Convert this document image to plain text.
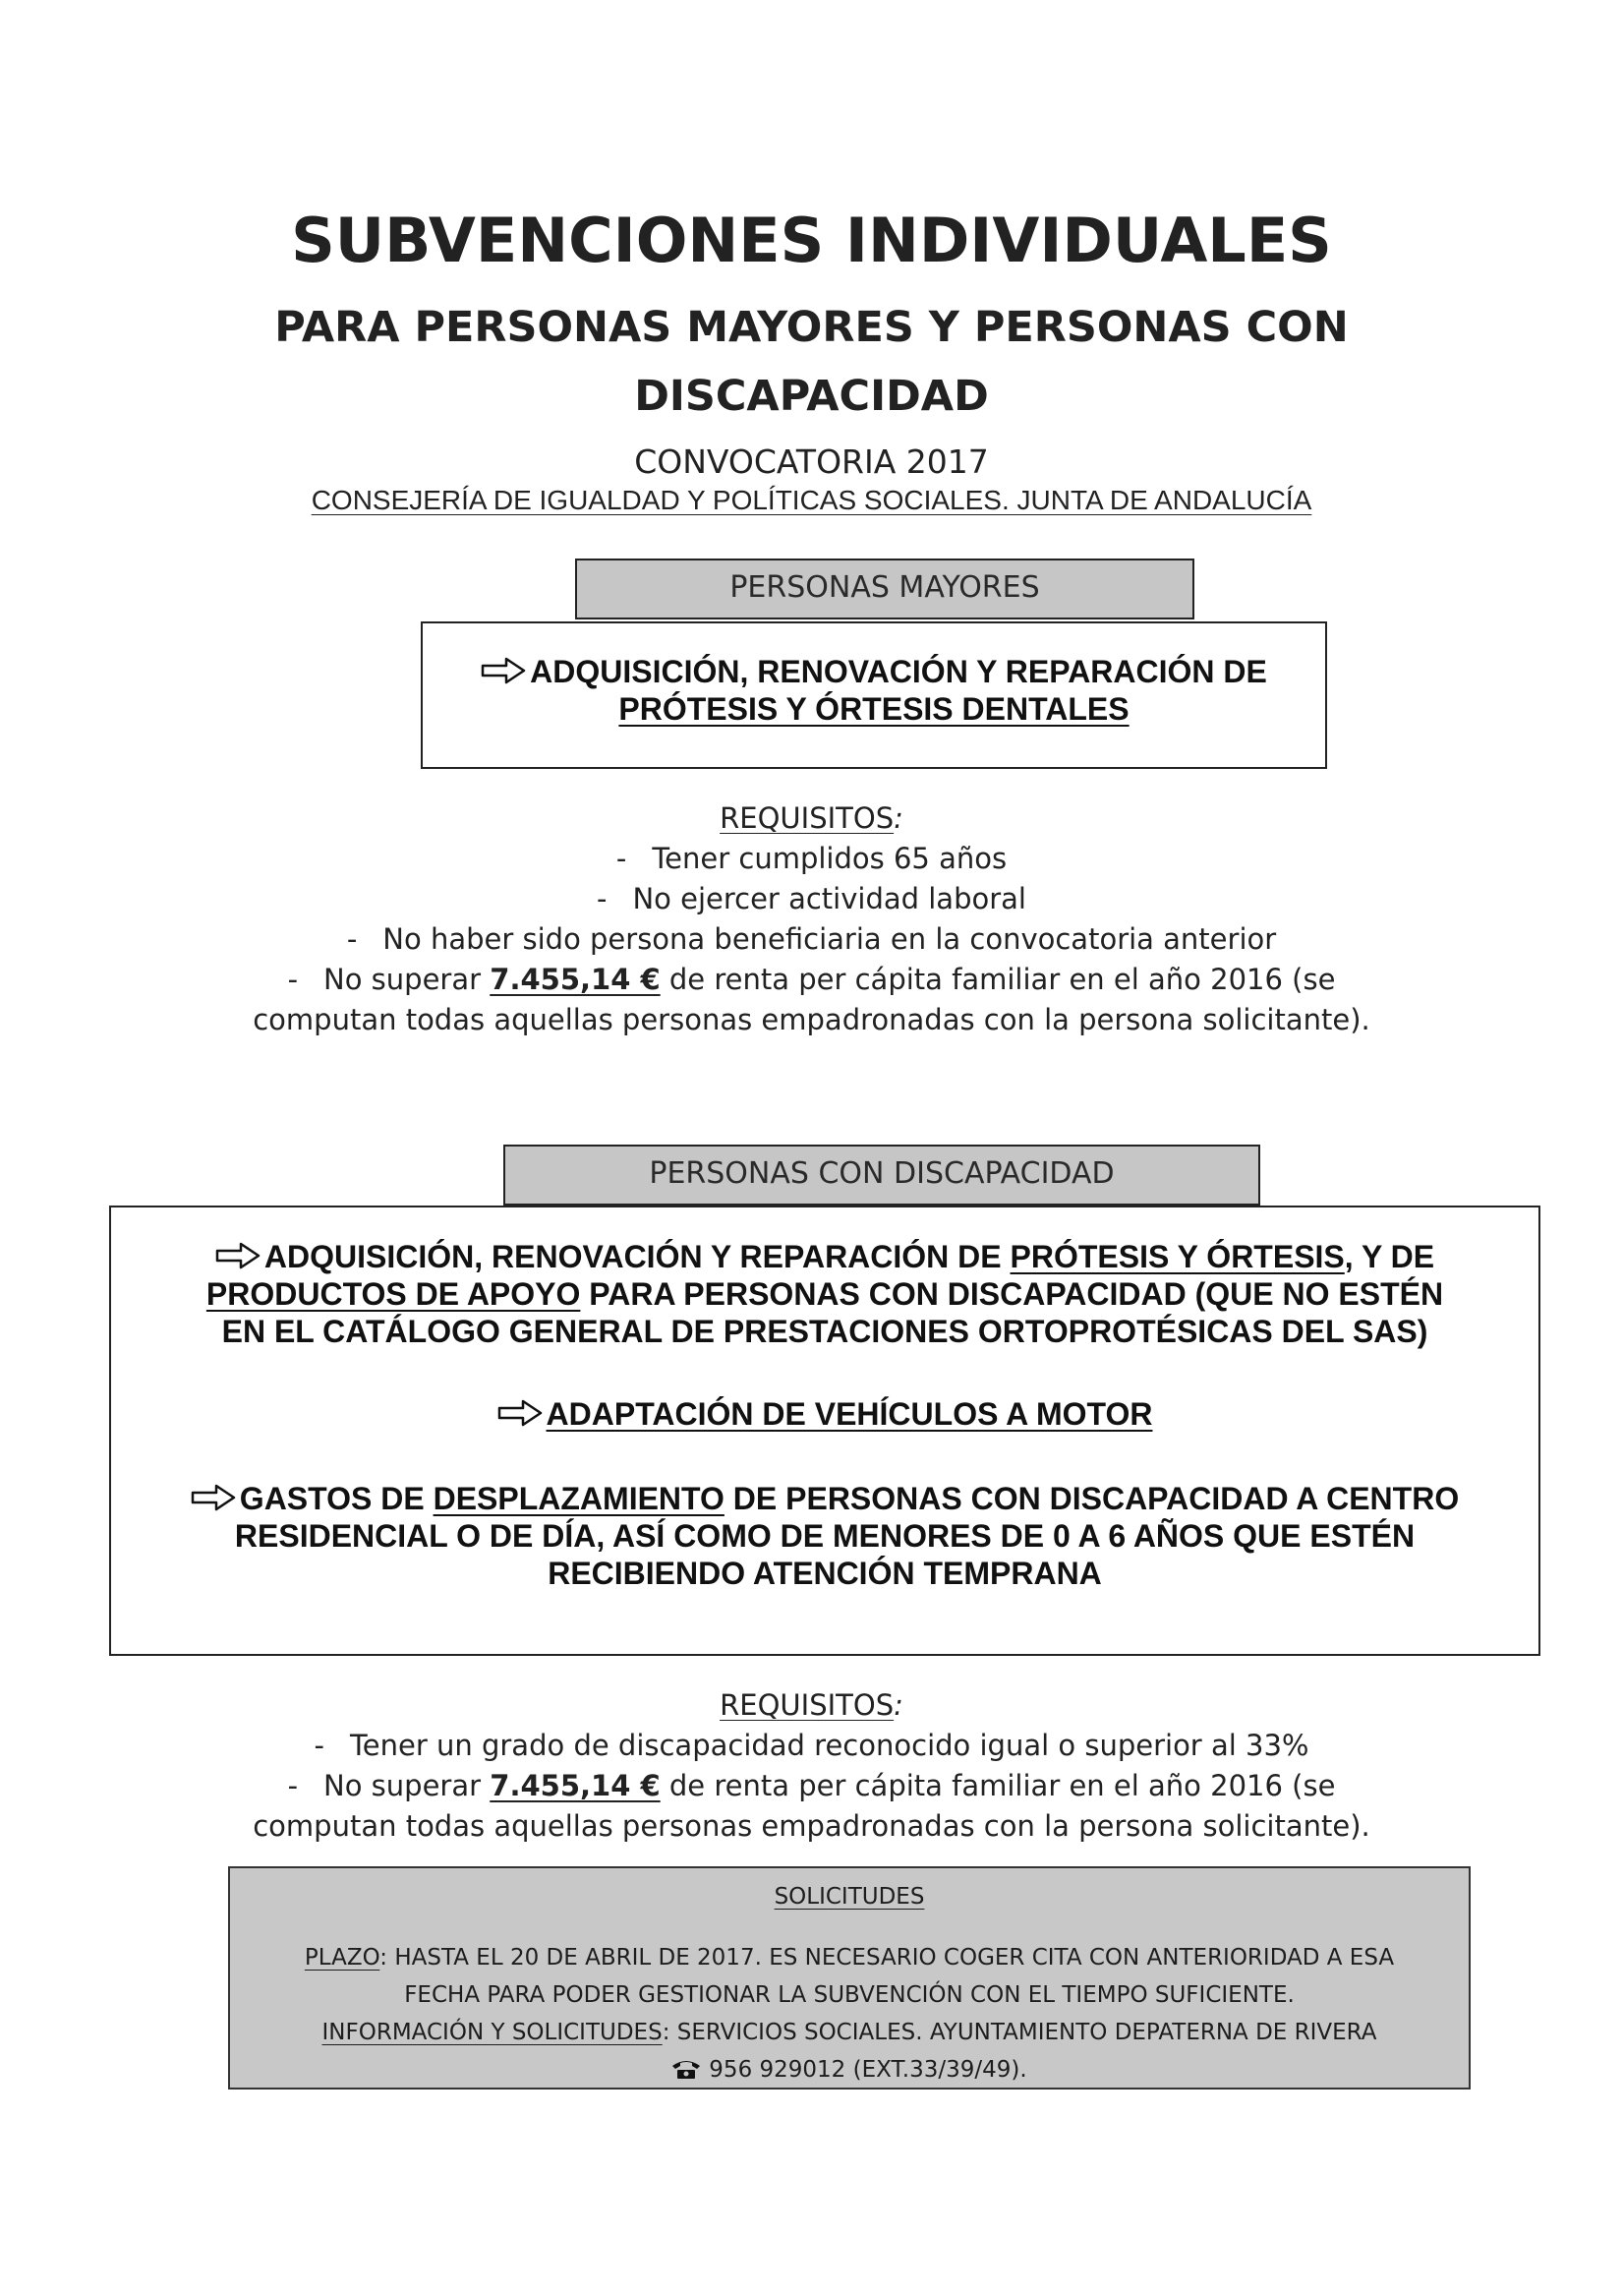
SUBVENCIONES INDIVIDUALES
PARA PERSONAS MAYORES Y PERSONAS CON
DISCAPACIDAD
CONVOCATORIA 2017
CONSEJERÍA DE IGUALDAD Y POLÍTICAS SOCIALES. JUNTA DE ANDALUCÍA
PERSONAS MAYORES
ADQUISICIÓN, RENOVACIÓN Y REPARACIÓN DE
PRÓTESIS Y ÓRTESIS DENTALES
REQUISITOS:
- Tener cumplidos 65 años
- No ejercer actividad laboral
- No haber sido persona beneficiaria en la convocatoria anterior
- No superar 7.455,14 € de renta per cápita familiar en el año 2016 (se
computan todas aquellas personas empadronadas con la persona solicitante).
PERSONAS CON DISCAPACIDAD
ADQUISICIÓN, RENOVACIÓN Y REPARACIÓN DE PRÓTESIS Y ÓRTESIS, Y DE
PRODUCTOS DE APOYO PARA PERSONAS CON DISCAPACIDAD (QUE NO ESTÉN
EN EL CATÁLOGO GENERAL DE PRESTACIONES ORTOPROTÉSICAS DEL SAS)
ADAPTACIÓN DE VEHÍCULOS A MOTOR
GASTOS DE DESPLAZAMIENTO DE PERSONAS CON DISCAPACIDAD A CENTRO
RESIDENCIAL O DE DÍA, ASÍ COMO DE MENORES DE 0 A 6 AÑOS QUE ESTÉN
RECIBIENDO ATENCIÓN TEMPRANA
REQUISITOS:
- Tener un grado de discapacidad reconocido igual o superior al 33%
- No superar 7.455,14 € de renta per cápita familiar en el año 2016 (se
computan todas aquellas personas empadronadas con la persona solicitante).
SOLICITUDES
PLAZO: HASTA EL 20 DE ABRIL DE 2017. ES NECESARIO COGER CITA CON ANTERIORIDAD A ESA
FECHA PARA PODER GESTIONAR LA SUBVENCIÓN CON EL TIEMPO SUFICIENTE.
INFORMACIÓN Y SOLICITUDES: SERVICIOS SOCIALES. AYUNTAMIENTO DEPATERNA DE RIVERA
956 929012 (EXT.33/39/49).
